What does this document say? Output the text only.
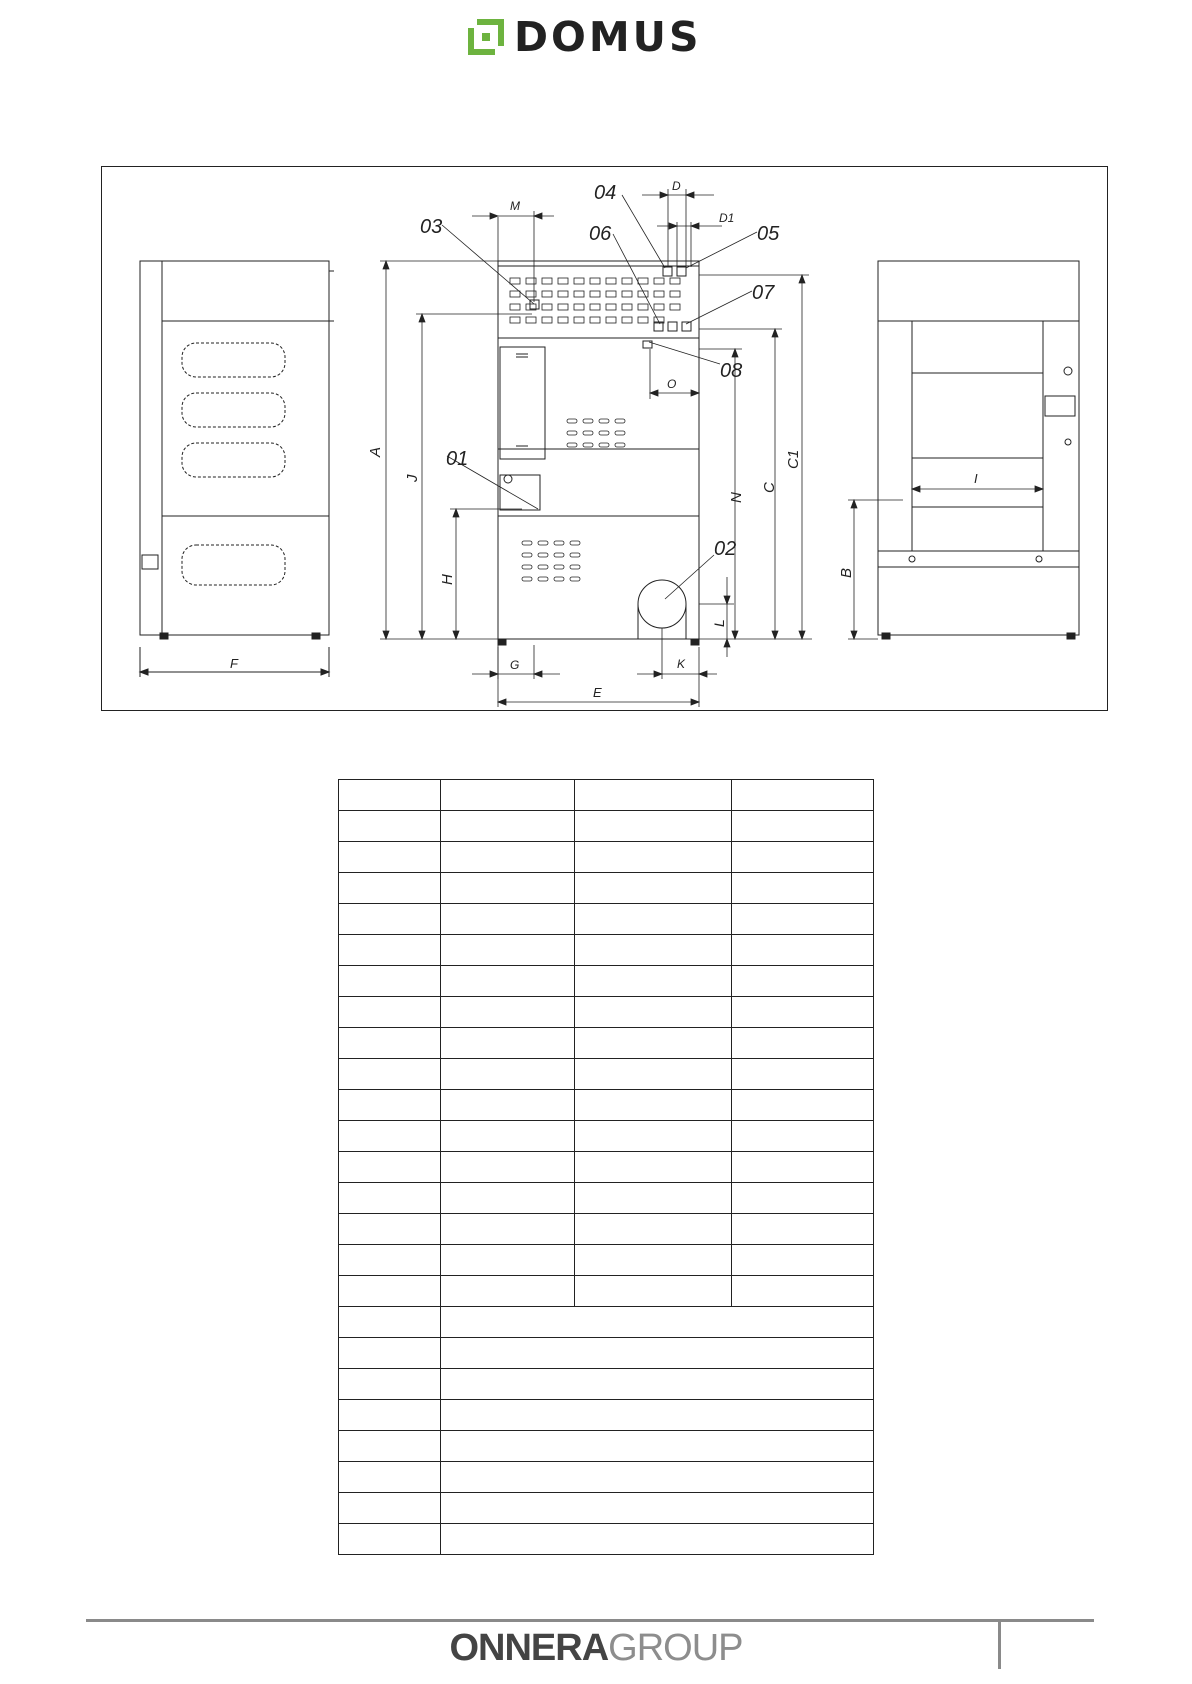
DOMUS
F
A
J
H
N
C
C1
L
M
D
D1
O
G	K
E
01
02
03
04
05
06
07
08
B
I

ONNERAGROUP
